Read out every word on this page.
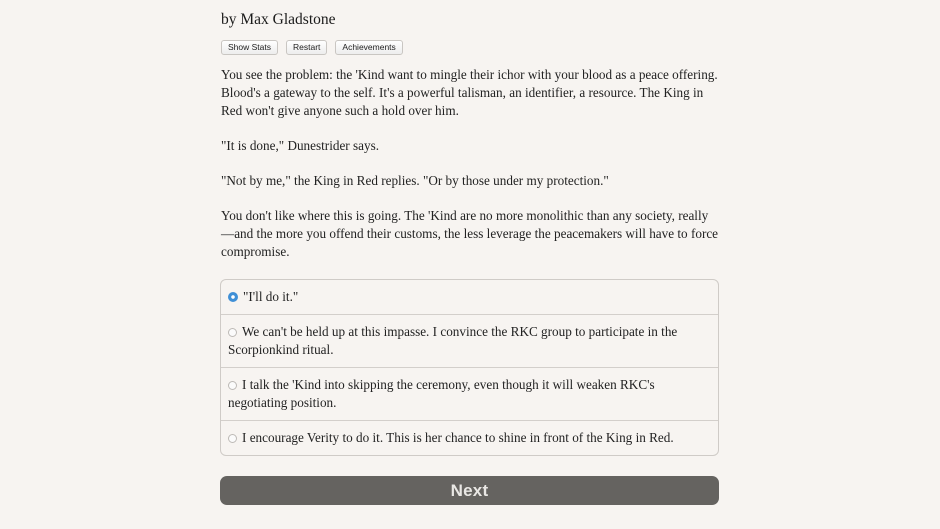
by Max Gladstone
Show Stats	Restart	Achievements

You see the problem: the 'Kind want to mingle their ichor with your blood as a peace offering. Blood's a gateway to the self. It's a powerful talisman, an identifier, a resource. The King in Red won't give anyone such a hold over him.

"It is done," Dunestrider says.

"Not by me," the King in Red replies. "Or by those under my protection."

You don't like where this is going. The 'Kind are no more monolithic than any society, really—and the more you offend their customs, the less leverage the peacemakers will have to force compromise.

"I'll do it."
We can't be held up at this impasse. I convince the RKC group to participate in the Scorpionkind ritual.
I talk the 'Kind into skipping the ceremony, even though it will weaken RKC's negotiating position.
I encourage Verity to do it. This is her chance to shine in front of the King in Red.
Next
